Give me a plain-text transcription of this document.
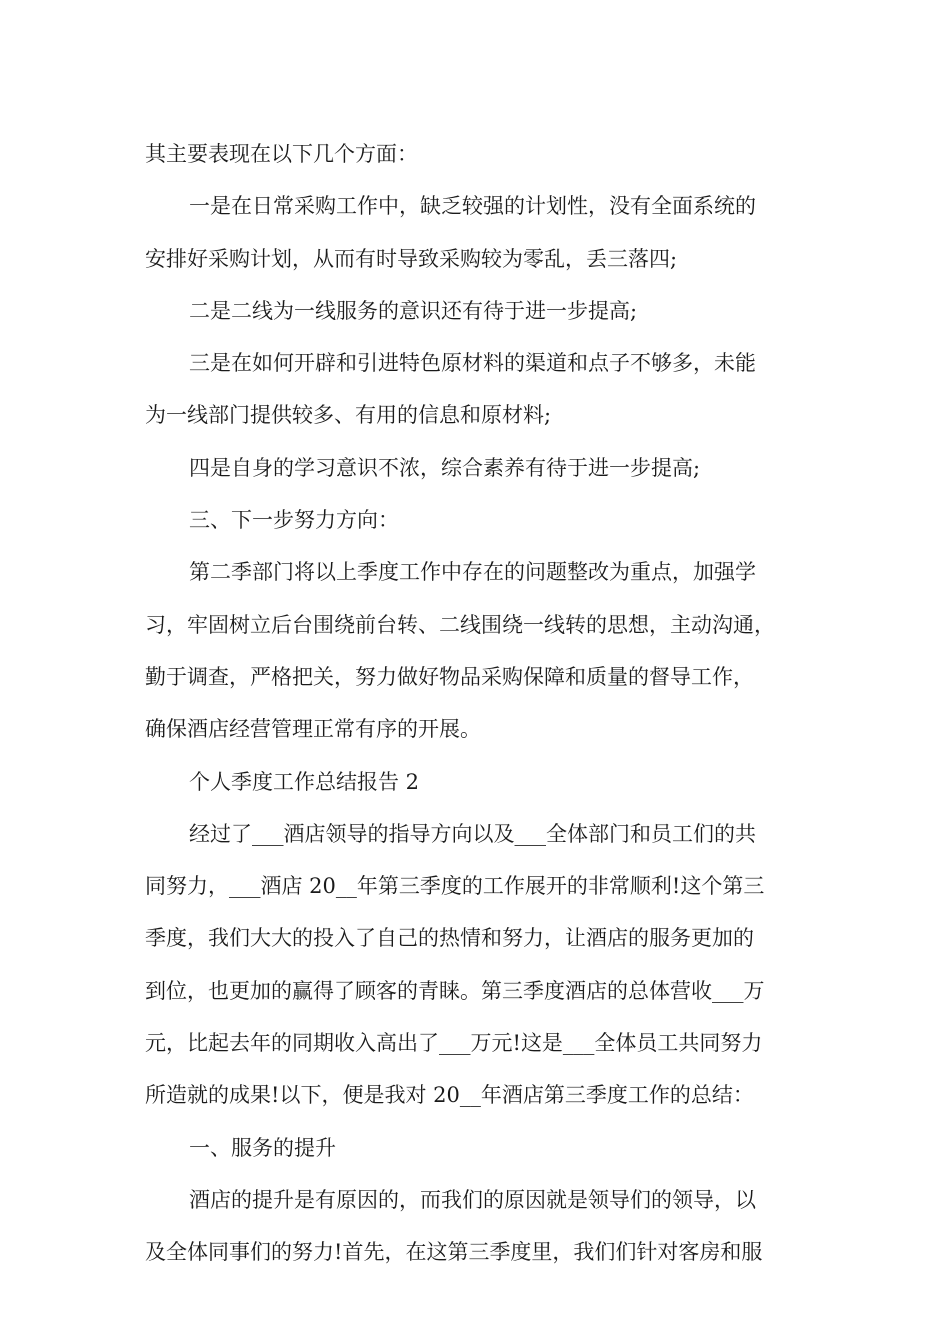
其主要表现在以下几个方面：
一是在日常采购工作中，缺乏较强的计划性，没有全面系统的
安排好采购计划，从而有时导致采购较为零乱，丢三落四;
二是二线为一线服务的意识还有待于进一步提高;
三是在如何开辟和引进特色原材料的渠道和点子不够多，未能
为一线部门提供较多、有用的信息和原材料;
四是自身的学习意识不浓，综合素养有待于进一步提高;
三、下一步努力方向：
第二季部门将以上季度工作中存在的问题整改为重点，加强学
习，牢固树立后台围绕前台转、二线围绕一线转的思想，主动沟通，
勤于调查，严格把关，努力做好物品采购保障和质量的督导工作，
确保酒店经营管理正常有序的开展。
个人季度工作总结报告 2
经过了___酒店领导的指导方向以及___全体部门和员工们的共
同努力，___酒店 20__年第三季度的工作展开的非常顺利!这个第三
季度，我们大大的投入了自己的热情和努力，让酒店的服务更加的
到位，也更加的赢得了顾客的青睐。第三季度酒店的总体营收___万
元，比起去年的同期收入高出了___万元!这是___全体员工共同努力
所造就的成果!以下，便是我对 20__年酒店第三季度工作的总结：
一、服务的提升
酒店的提升是有原因的，而我们的原因就是领导们的领导，以
及全体同事们的努力!首先，在这第三季度里，我们们针对客房和服
